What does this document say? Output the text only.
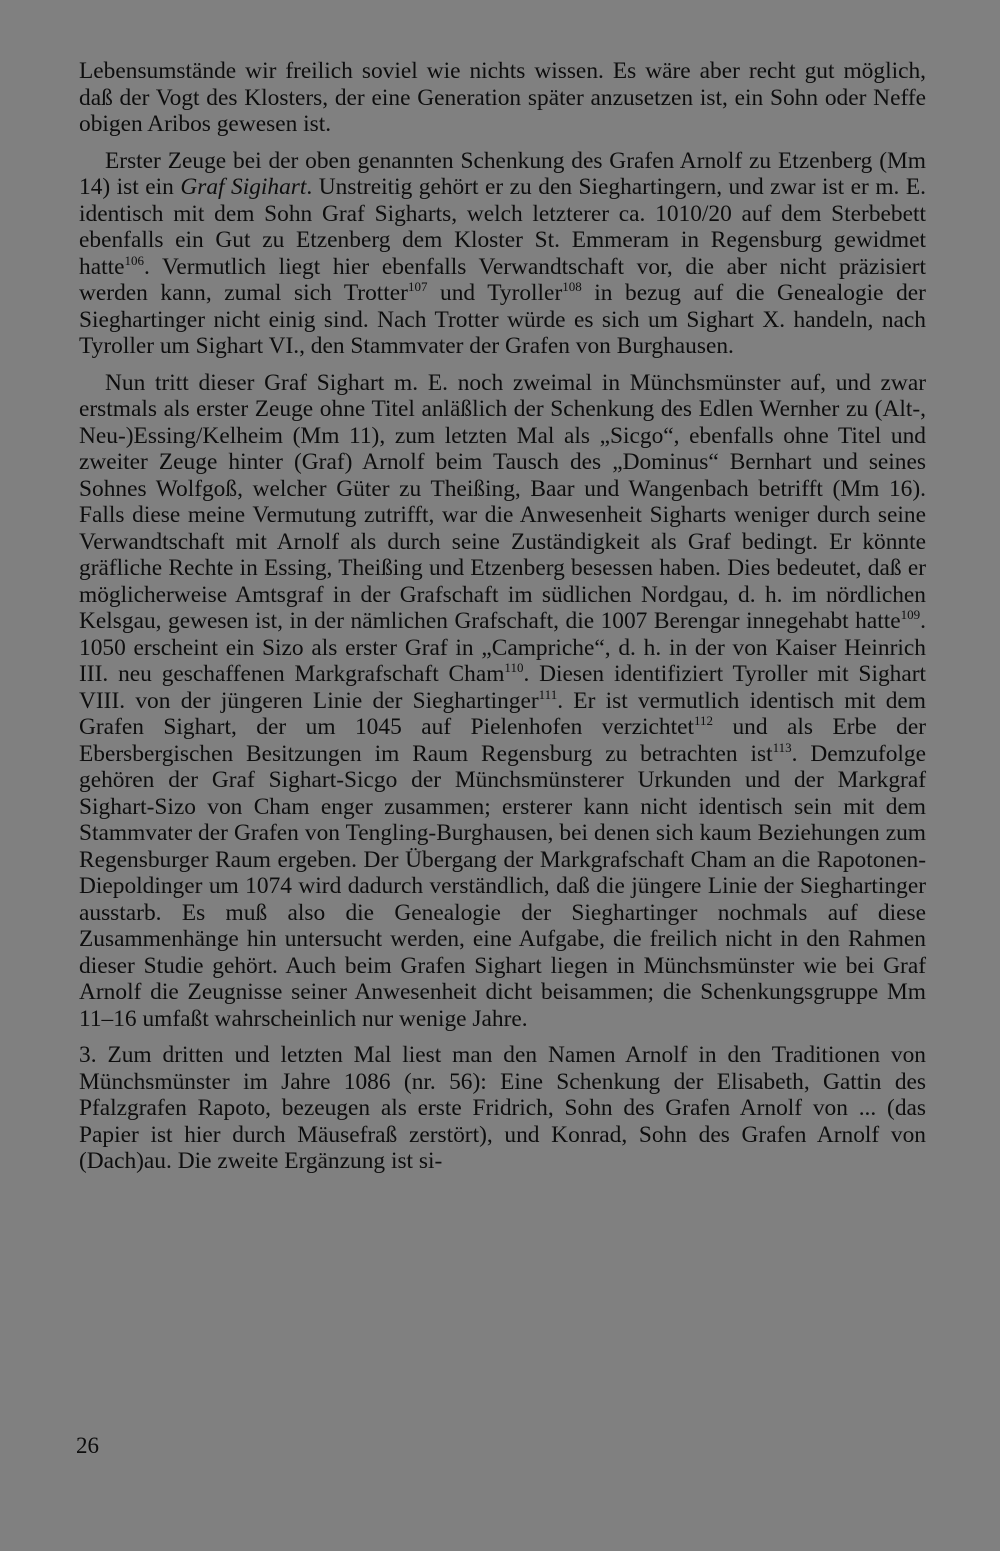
Lebensumstände wir freilich soviel wie nichts wissen. Es wäre aber recht gut möglich, daß der Vogt des Klosters, der eine Generation später anzusetzen ist, ein Sohn oder Neffe obigen Aribos gewesen ist.

Erster Zeuge bei der oben genannten Schenkung des Grafen Arnolf zu Etzenberg (Mm 14) ist ein Graf Sigihart. Unstreitig gehört er zu den Sieghartingern, und zwar ist er m. E. identisch mit dem Sohn Graf Sigharts, welch letzterer ca. 1010/20 auf dem Sterbebett ebenfalls ein Gut zu Etzenberg dem Kloster St. Emmeram in Regensburg gewidmet hatte$^{106}$. Vermutlich liegt hier ebenfalls Verwandtschaft vor, die aber nicht präzisiert werden kann, zumal sich Trotter$^{107}$ und Tyroller$^{108}$ in bezug auf die Genealogie der Sieghartinger nicht einig sind. Nach Trotter würde es sich um Sighart X. handeln, nach Tyroller um Sighart VI., den Stammvater der Grafen von Burghausen.

Nun tritt dieser Graf Sighart m. E. noch zweimal in Münchsmünster auf, und zwar erstmals als erster Zeuge ohne Titel anläßlich der Schenkung des Edlen Wernher zu (Alt-, Neu-)Essing/Kelheim (Mm 11), zum letzten Mal als „Sicgo“, ebenfalls ohne Titel und zweiter Zeuge hinter (Graf) Arnolf beim Tausch des „Dominus“ Bernhart und seines Sohnes Wolfgoß, welcher Güter zu Theißing, Baar und Wangenbach betrifft (Mm 16). Falls diese meine Vermutung zutrifft, war die Anwesenheit Sigharts weniger durch seine Verwandtschaft mit Arnolf als durch seine Zuständigkeit als Graf bedingt. Er könnte gräfliche Rechte in Essing, Theißing und Etzenberg besessen haben. Dies bedeutet, daß er möglicherweise Amtsgraf in der Grafschaft im südlichen Nordgau, d. h. im nördlichen Kelsgau, gewesen ist, in der nämlichen Grafschaft, die 1007 Berengar innegehabt hatte$^{109}$. 1050 erscheint ein Sizo als erster Graf in „Campriche“, d. h. in der von Kaiser Heinrich III. neu geschaffenen Markgrafschaft Cham$^{110}$. Diesen identifiziert Tyroller mit Sighart VIII. von der jüngeren Linie der Sieghartinger$^{111}$. Er ist vermutlich identisch mit dem Grafen Sighart, der um 1045 auf Pielenhofen verzichtet$^{112}$ und als Erbe der Ebersbergischen Besitzungen im Raum Regensburg zu betrachten ist$^{113}$. Demzufolge gehören der Graf Sighart-Sicgo der Münchsmünsterer Urkunden und der Markgraf Sighart-Sizo von Cham enger zusammen; ersterer kann nicht identisch sein mit dem Stammvater der Grafen von Tengling-Burghausen, bei denen sich kaum Beziehungen zum Regensburger Raum ergeben. Der Übergang der Markgrafschaft Cham an die Rapotonen-Diepoldinger um 1074 wird dadurch verständlich, daß die jüngere Linie der Sieghartinger ausstarb. Es muß also die Genealogie der Sieghartinger nochmals auf diese Zusammenhänge hin untersucht werden, eine Aufgabe, die freilich nicht in den Rahmen dieser Studie gehört. Auch beim Grafen Sighart liegen in Münchsmünster wie bei Graf Arnolf die Zeugnisse seiner Anwesenheit dicht beisammen; die Schenkungsgruppe Mm 11–16 umfaßt wahrscheinlich nur wenige Jahre.

3. Zum dritten und letzten Mal liest man den Namen Arnolf in den Traditionen von Münchsmünster im Jahre 1086 (nr. 56): Eine Schenkung der Elisabeth, Gattin des Pfalzgrafen Rapoto, bezeugen als erste Fridrich, Sohn des Grafen Arnolf von ... (das Papier ist hier durch Mäusefraß zerstört), und Konrad, Sohn des Grafen Arnolf von (Dach)au. Die zweite Ergänzung ist si-

26
